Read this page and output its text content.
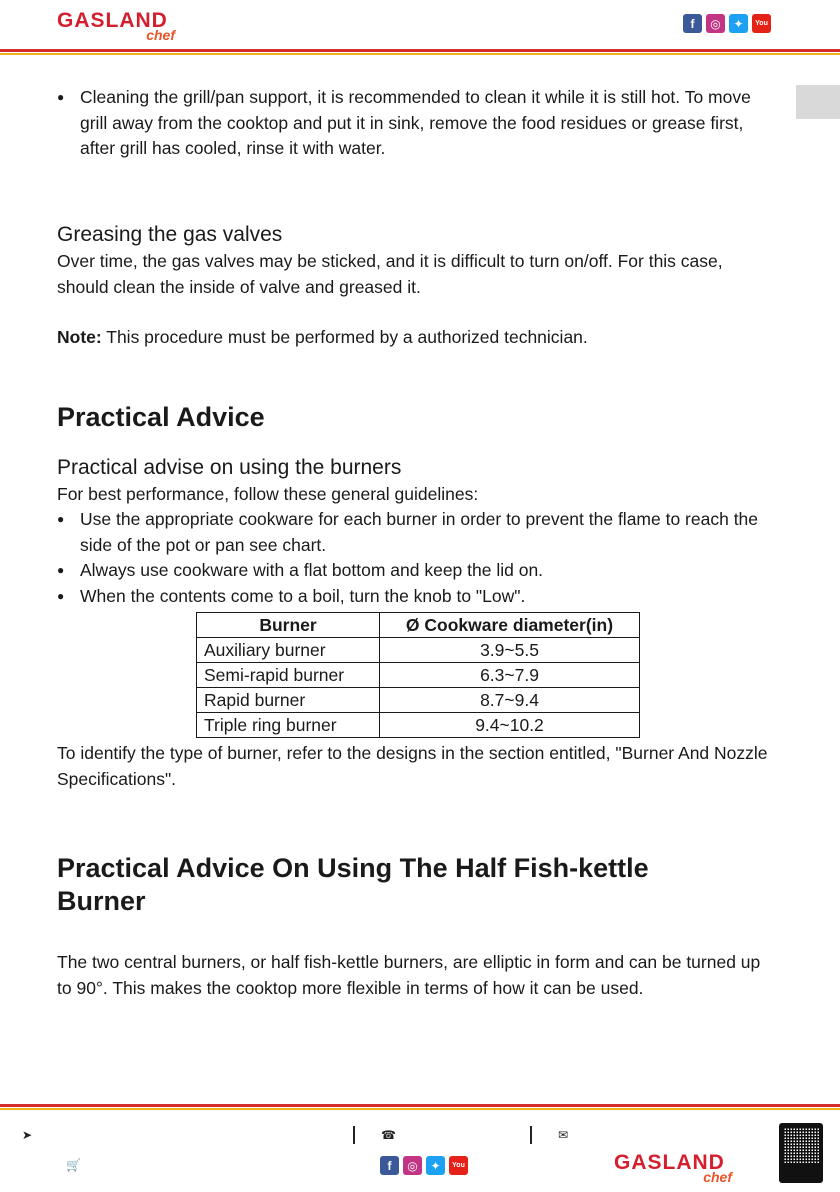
GASLAND
chef
f	◎	✦	You

● Cleaning the grill/pan support, it is recommended to clean it while it is still hot. To move grill away from the cooktop and put it in sink, remove the food residues or grease first, after grill has cooled, rinse it with water.

Greasing the gas valves

Over time, the gas valves may be sticked, and it is difficult to turn on/off. For this case, should clean the inside of valve and greased it.

Note: This procedure must be performed by a authorized technician.

Practical Advice
Practical advise on using the burners

For best performance, follow these general guidelines:

● Use the appropriate cookware for each burner in order to prevent the flame to reach the side of the pot or pan see chart.

● Always use cookware with a flat bottom and keep the lid on.

● When the contents come to a boil, turn the knob to "Low".

Burner	Ø Cookware diameter(in)
Auxiliary burner	3.9~5.5
Semi-rapid burner	6.3~7.9
Rapid burner	8.7~9.4
Triple ring burner	9.4~10.2

To identify the type of burner, refer to the designs in the section entitled, "Burner And Nozzle Specifications".

Practical Advice On Using The Half Fish-kettle Burner

The two central burners, or half fish-kettle burners, are elliptic in form and can be turned up to 90°. This makes the cooktop more flexible in terms of how it can be used.

➤
🛒
☎	✉
f	◎	✦	You	GASLAND
chef
